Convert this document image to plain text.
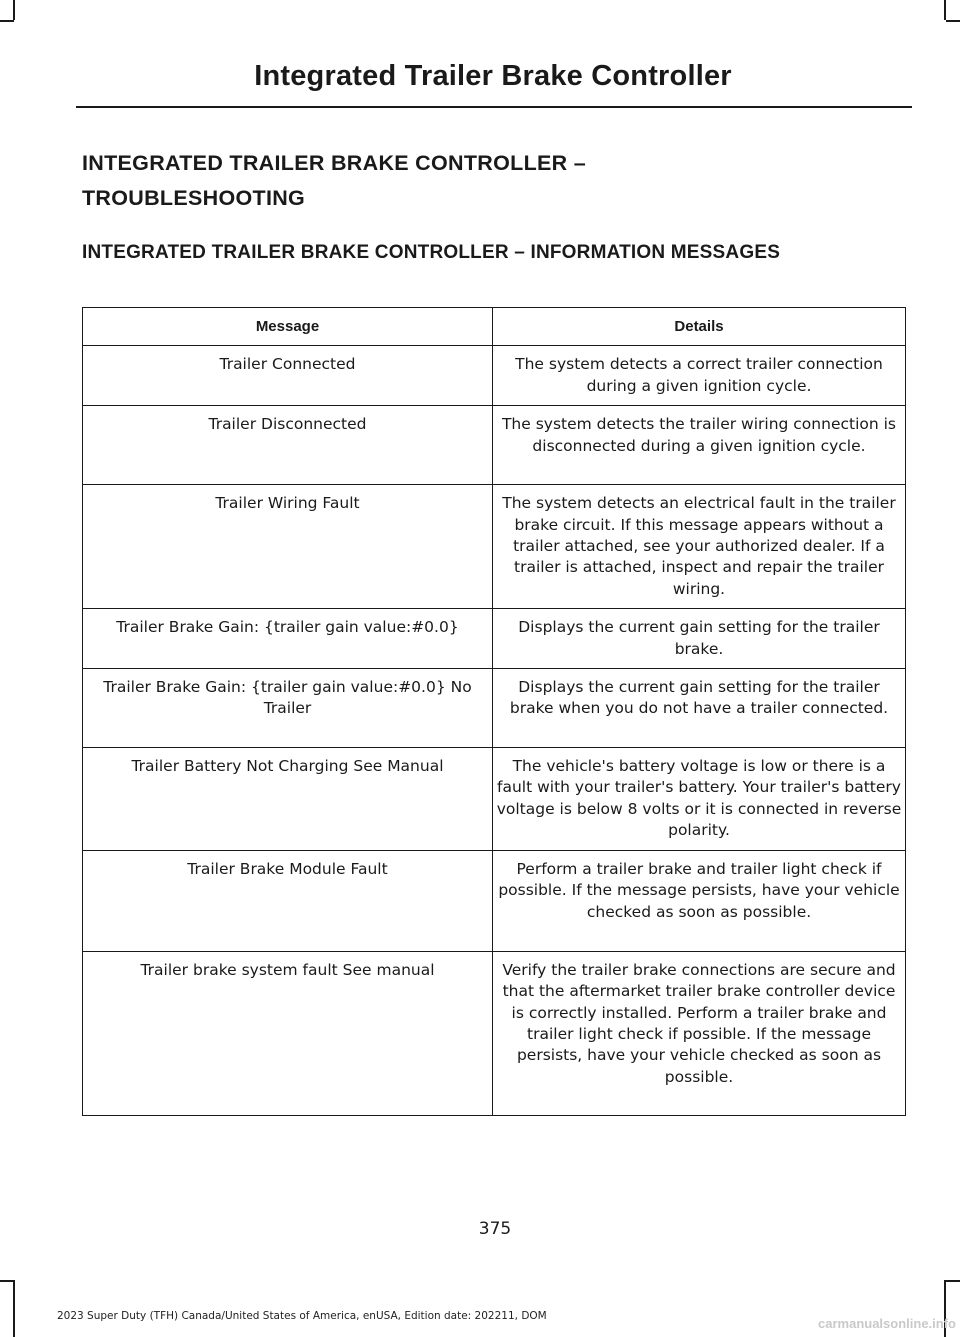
Integrated Trailer Brake Controller
INTEGRATED TRAILER BRAKE CONTROLLER –
TROUBLESHOOTING
INTEGRATED TRAILER BRAKE CONTROLLER – INFORMATION MESSAGES
Message	Details
Trailer Connected	The system detects a correct trailer connection during a given ignition cycle.
Trailer Disconnected	The system detects the trailer wiring connection is disconnected during a given ignition cycle.
Trailer Wiring Fault	The system detects an electrical fault in the trailer brake circuit. If this message appears without a trailer attached, see your authorized dealer. If a trailer is attached, inspect and repair the trailer wiring.
Trailer Brake Gain: {trailer gain value:#0.0}	Displays the current gain setting for the trailer brake.
Trailer Brake Gain: {trailer gain value:#0.0} No Trailer	Displays the current gain setting for the trailer brake when you do not have a trailer connected.
Trailer Battery Not Charging See Manual	The vehicle's battery voltage is low or there is a fault with your trailer's battery. Your trailer's battery voltage is below 8 volts or it is connected in reverse polarity.
Trailer Brake Module Fault	Perform a trailer brake and trailer light check if possible. If the message persists, have your vehicle checked as soon as possible.
Trailer brake system fault See manual	Verify the trailer brake connections are secure and that the aftermarket trailer brake controller device is correctly installed. Perform a trailer brake and trailer light check if possible. If the message persists, have your vehicle checked as soon as possible.
375
2023 Super Duty (TFH) Canada/United States of America, enUSA, Edition date: 202211, DOM	carmanualsonline.info
